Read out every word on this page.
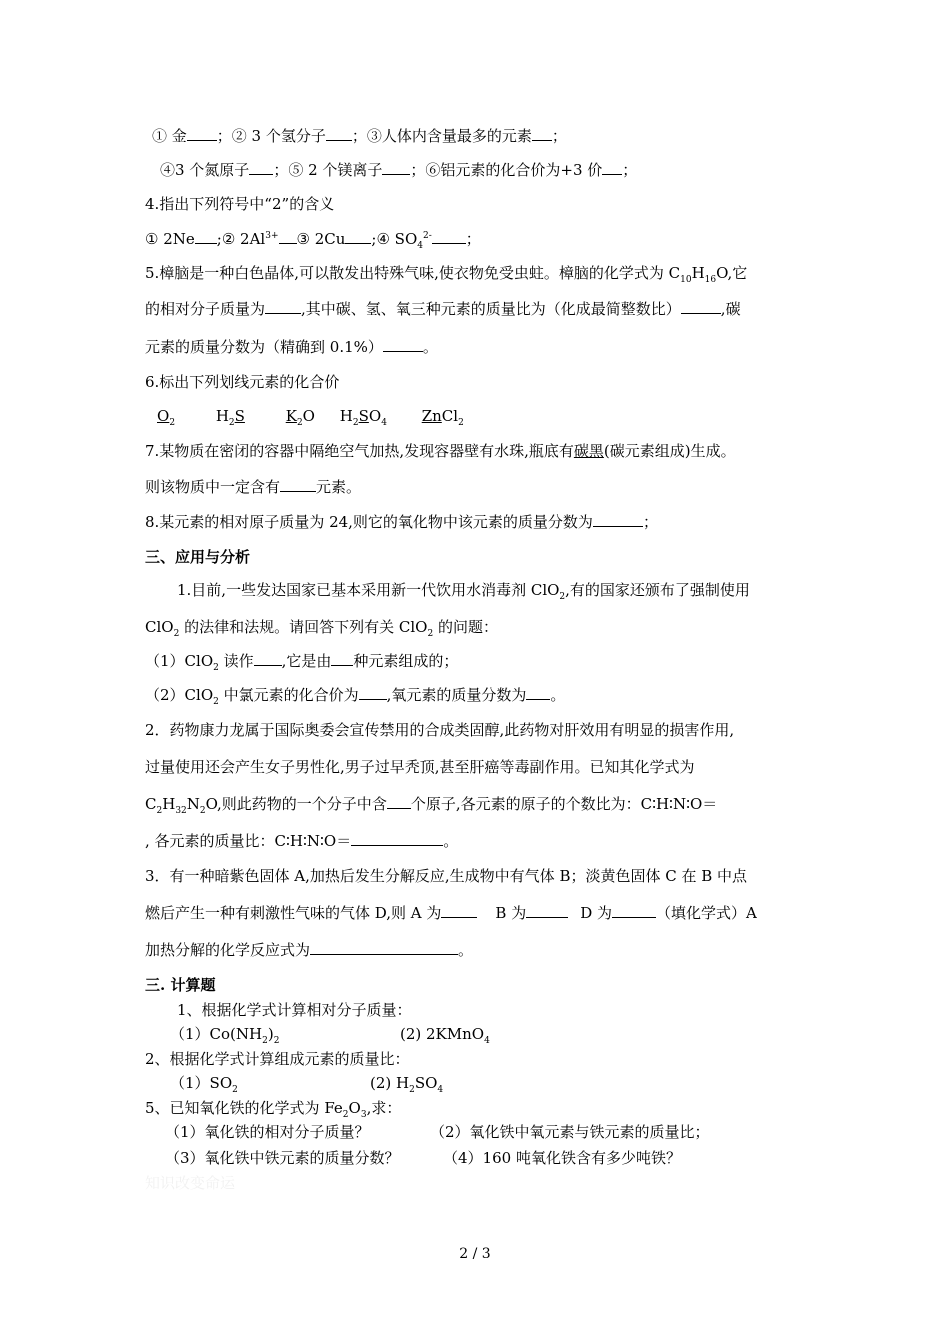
① 金 ；② 3 个氢分子 ；③人体内含量最多的元素 ；
④3 个氮原子 ；⑤ 2 个镁离子 ；⑥铝元素的化合价为+3 价 ；
4.指出下列符号中“2”的含义
① 2Ne ;② $2Al^{3+}$ ③ 2Cu ;④ $SO_4^{2-}$ ；
5.樟脑是一种白色晶体,可以散发出特殊气味,使衣物免受虫蛀。樟脑的化学式为 $C_{10}H_{16}O$,它
的相对分子质量为 ,其中碳、氢、氧三种元素的质量比为（化成最简整数比）	,碳
元素的质量分数为（精确到 0.1%）	。
6.标出下列划线元素的化合价
$O_2$	$H_2S$	$K_2O$ $H_2SO_4$ ZnCl$_2$
7.某物质在密闭的容器中隔绝空气加热,发现容器壁有水珠,瓶底有碳黑(碳元素组成)生成。
则该物质中一定含有 元素。
8.某元素的相对原子质量为 24,则它的氧化物中该元素的质量分数为	；
三、应用与分析
1.目前,一些发达国家已基本采用新一代饮用水消毒剂 ClO$_2$,有的国家还颁布了强制使用
ClO$_2$ 的法律和法规。请回答下列有关 ClO$_2$ 的问题：
（1）ClO$_2$ 读作 ,它是由 种元素组成的；
（2）ClO$_2$ 中氯元素的化合价为 ,氧元素的质量分数为 。
2．药物康力龙属于国际奥委会宣传禁用的合成类固醇,此药物对肝效用有明显的损害作用,
过量使用还会产生女子男性化,男子过早秃顶,甚至肝癌等毒副作用。已知其化学式为
$C_2H_{32}N_2O$,则此药物的一个分子中含 个原子,各元素的原子的个数比为：C∶H∶N∶O＝
, 各元素的质量比：C∶H∶N∶O＝	。
3．有一种暗紫色固体 A,加热后发生分解反应,生成物中有气体 B；淡黄色固体 C 在 B 中点
燃后产生一种有刺激性气味的气体 D,则 A 为	B 为	D 为	（填化学式）A
加热分解的化学反应式为	。
三. 计算题
1、根据化学式计算相对分子质量：
$(1)Co(NH_2)_2$	(2) 2KMnO$_4$
2、根据化学式计算组成元素的质量比：
$(1)SO_2$	(2) $H_2SO_4$
5、已知氧化铁的化学式为 $Fe_2O_3$,求：
（1）氧化铁的相对分子质量？	（2）氧化铁中氧元素与铁元素的质量比；
（3）氧化铁中铁元素的质量分数？	（4）160 吨氧化铁含有多少吨铁？
知识改变命运
2 / 3
